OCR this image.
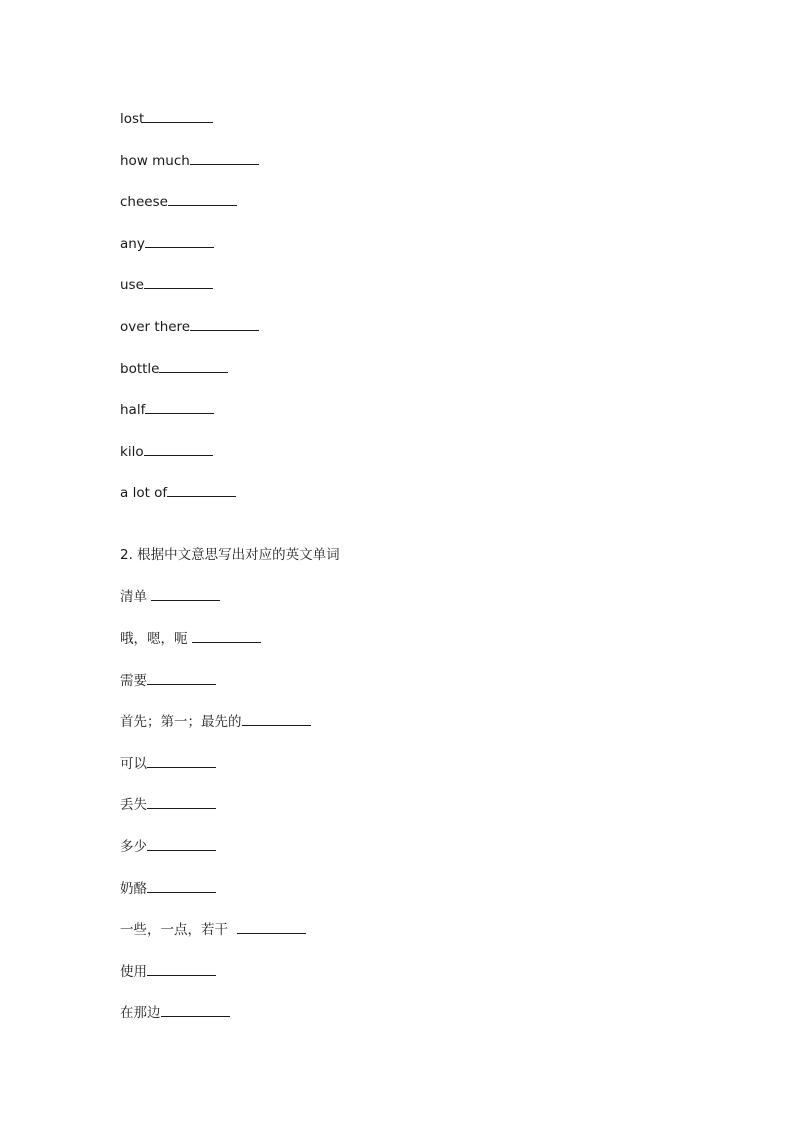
lost
how much
cheese
any
use
over there
bottle
half
kilo
a lot of
2. 根据中文意思写出对应的英文单词
清单
哦，嗯，呃
需要
首先；第一；最先的
可以
丢失
多少
奶酪
一些，一点，若干
使用
在那边
